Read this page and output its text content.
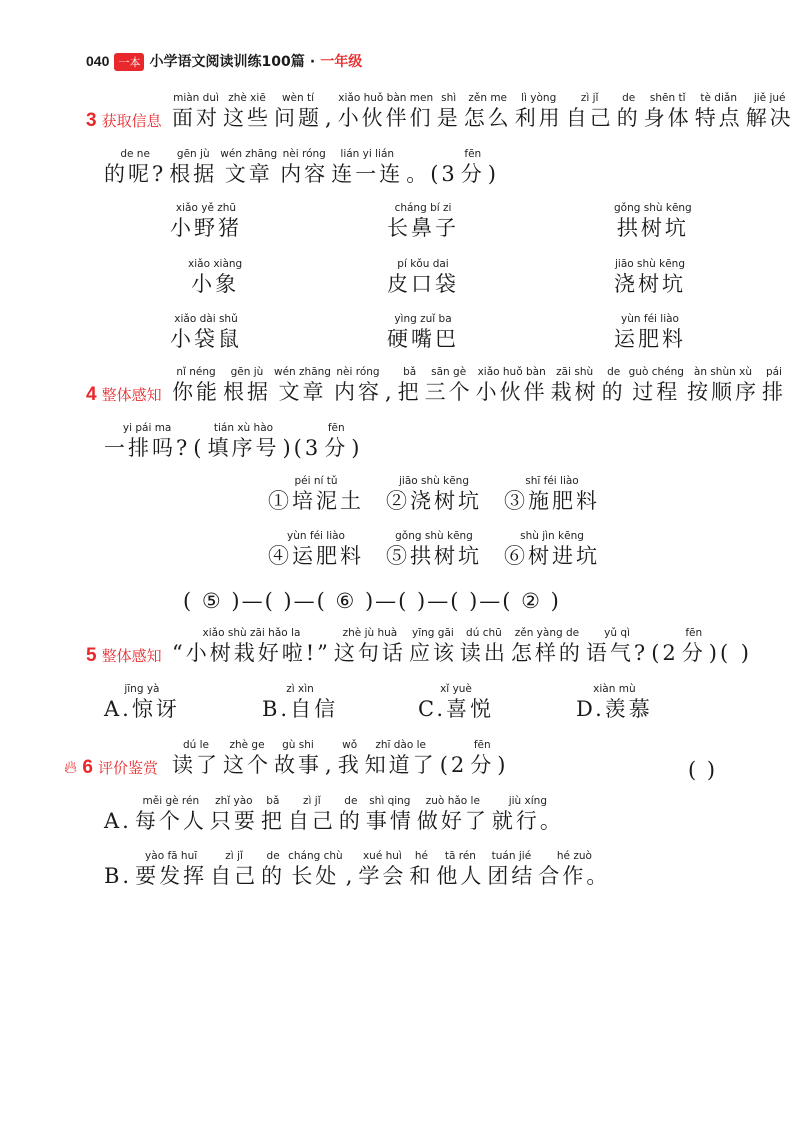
040 一本 小学语文阅读训练100篇 · 一年级
3 获取信息
miàn duì
面对
zhè xiē
这些
wèn tí
问题
,
xiǎo huǒ bàn men
小伙伴们
shì
是
zěn me
怎么
lì yòng
利用
zì jǐ
自己
de
的
shēn tǐ
身体
tè diǎn
特点
jiě jué
解决
de ne
的呢?
gēn jù
根据
wén zhāng
文章
nèi róng
内容
lián yi lián
连一连
。(3
fēn
分
)
xiǎo yě zhū
小野猪
cháng bí zi
长鼻子
gǒng shù kēng
拱树坑
xiǎo xiàng
小象
pí kǒu dai
皮口袋
jiāo shù kēng
浇树坑
xiǎo dài shǔ
小袋鼠
yìng zuǐ ba
硬嘴巴
yùn féi liào
运肥料
4 整体感知
nǐ néng
你能
gēn jù
根据
wén zhāng
文章
nèi róng
内容
,
bǎ
把
sān gè
三个
xiǎo huǒ bàn
小伙伴
zāi shù
栽树
de
的
guò chéng
过程
àn shùn xù
按顺序
pái
排
yi pái ma
一排吗?
(
tián xù hào
填序号
)(3
fēn
分
)
péi ní tǔ
①培泥土
jiāo shù kēng
②浇树坑
shī féi liào
③施肥料
yùn féi liào
④运肥料
gǒng shù kēng
⑤拱树坑
shù jìn kēng
⑥树进坑
( ⑤ )—( )—( ⑥ )—( )—( )—( ② )
5 整体感知
xiǎo shù zāi hǎo la
“小树栽好啦!”
zhè jù huà
这句话
yīng gāi
应该
dú chū
读出
zěn yàng de
怎样的
yǔ qì
语气?
(2
fēn
分
)( )
jīng yà
A.惊讶
zì xìn
B.自信
xǐ yuè
C.喜悦
xiàn mù
D.羡慕
🔥︎ 6 评价鉴赏
dú le
读了
zhè ge
这个
gù shi
故事
,
wǒ
我
zhī dào le
知道了
(2
fēn
分
)	( )

A.
měi gè rén
每个人
zhǐ yào
只要
bǎ
把
zì jǐ
自己
de
的
shì qing
事情
zuò hǎo le
做好了
jiù xíng
就行。

B.
yào fā huī
要发挥
zì jǐ
自己
de
的
cháng chù
长处
,
xué huì
学会
hé
和
tā rén
他人
tuán jié
团结
hé zuò
合作。
